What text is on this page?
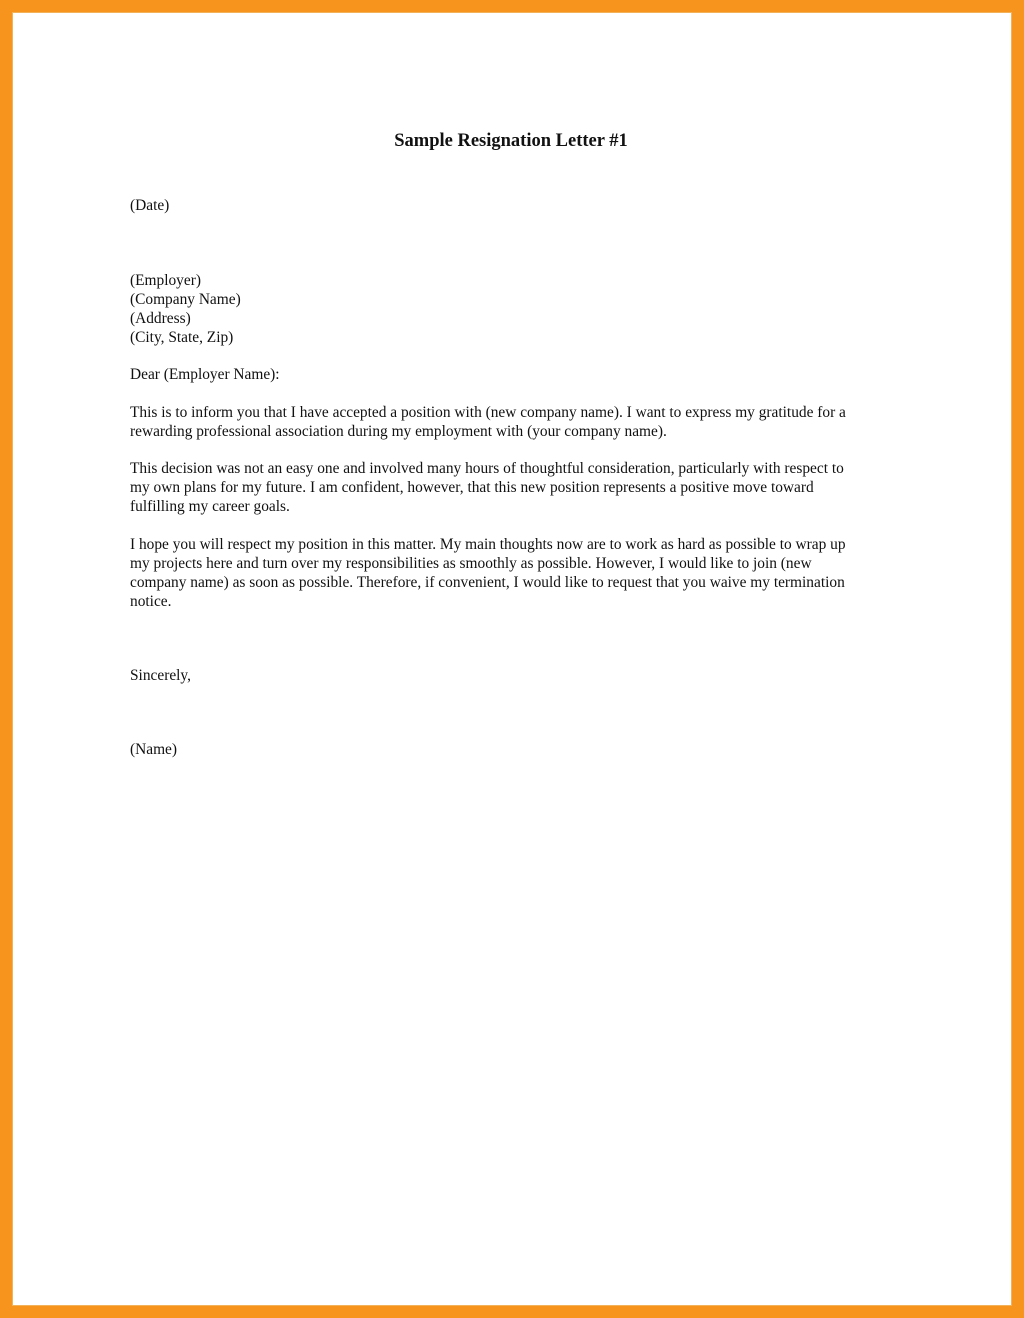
Sample Resignation Letter #1
(Date)
(Employer)
(Company Name)
(Address)
(City, State, Zip)
Dear (Employer Name):
This is to inform you that I have accepted a position with (new company name). I want to express my gratitude for a
rewarding professional association during my employment with (your company name).
This decision was not an easy one and involved many hours of thoughtful consideration, particularly with respect to
my own plans for my future. I am confident, however, that this new position represents a positive move toward
fulfilling my career goals.
I hope you will respect my position in this matter. My main thoughts now are to work as hard as possible to wrap up
my projects here and turn over my responsibilities as smoothly as possible. However, I would like to join (new
company name) as soon as possible. Therefore, if convenient, I would like to request that you waive my termination
notice.
Sincerely,
(Name)
